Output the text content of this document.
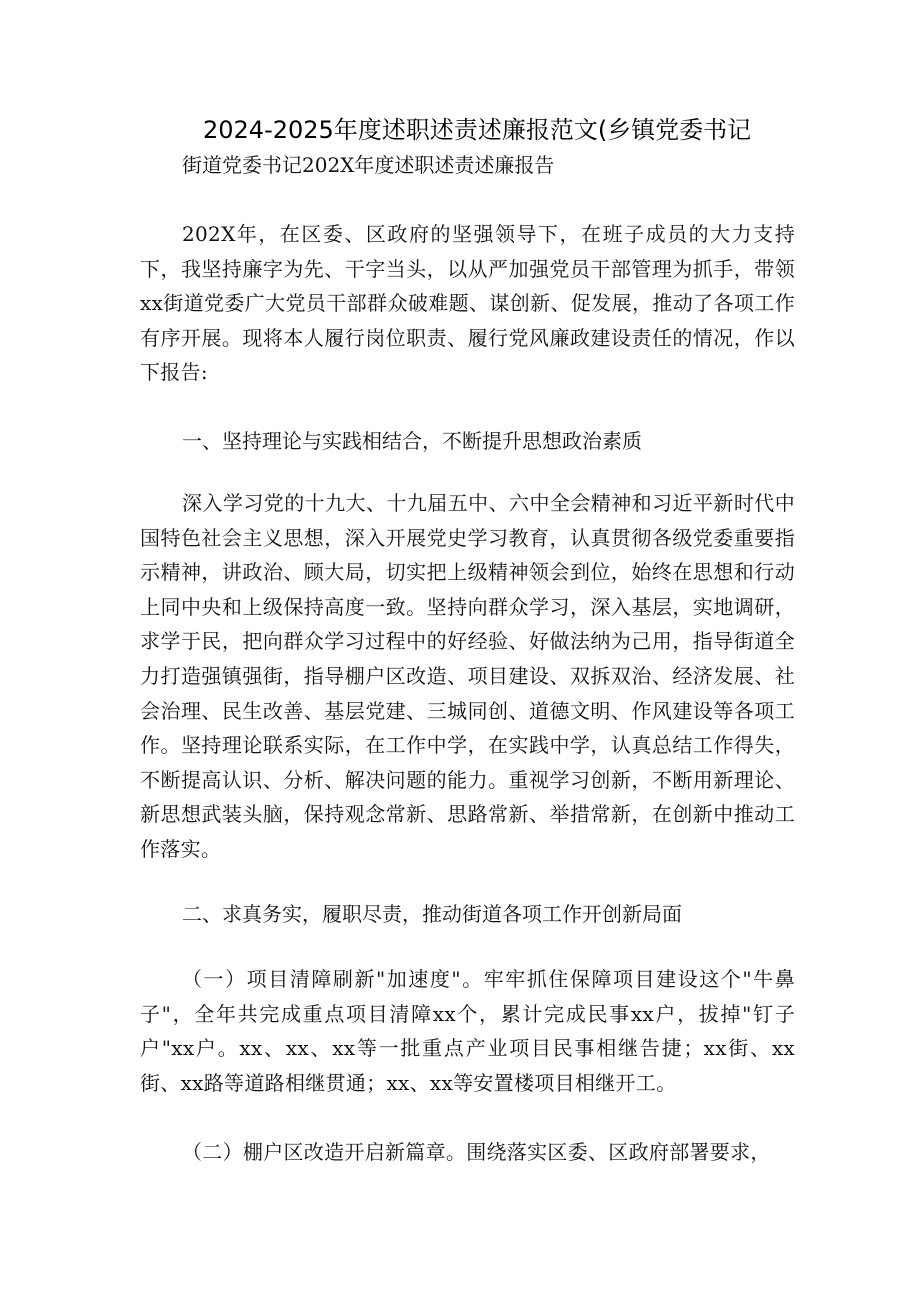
2024-2025年度述职述责述廉报范文(乡镇党委书记

街道党委书记202X年度述职述责述廉报告

202X年，在区委、区政府的坚强领导下，在班子成员的大力支持下，我坚持廉字为先、干字当头，以从严加强党员干部管理为抓手，带领xx街道党委广大党员干部群众破难题、谋创新、促发展，推动了各项工作有序开展。现将本人履行岗位职责、履行党风廉政建设责任的情况，作以下报告:

一、坚持理论与实践相结合，不断提升思想政治素质

深入学习党的十九大、十九届五中、六中全会精神和习近平新时代中国特色社会主义思想，深入开展党史学习教育，认真贯彻各级党委重要指示精神，讲政治、顾大局，切实把上级精神领会到位，始终在思想和行动上同中央和上级保持高度一致。坚持向群众学习，深入基层，实地调研，求学于民，把向群众学习过程中的好经验、好做法纳为己用，指导街道全力打造强镇强街，指导棚户区改造、项目建设、双拆双治、经济发展、社会治理、民生改善、基层党建、三城同创、道德文明、作风建设等各项工作。坚持理论联系实际，在工作中学，在实践中学，认真总结工作得失，不断提高认识、分析、解决问题的能力。重视学习创新，不断用新理论、新思想武装头脑，保持观念常新、思路常新、举措常新，在创新中推动工作落实。

二、求真务实，履职尽责，推动街道各项工作开创新局面

（一）项目清障刷新"加速度"。牢牢抓住保障项目建设这个"牛鼻子"，全年共完成重点项目清障xx个，累计完成民事xx户，拔掉"钉子户"xx户。xx、xx、xx等一批重点产业项目民事相继告捷；xx街、xx街、xx路等道路相继贯通；xx、xx等安置楼项目相继开工。

（二）棚户区改造开启新篇章。围绕落实区委、区政府部署要求，
